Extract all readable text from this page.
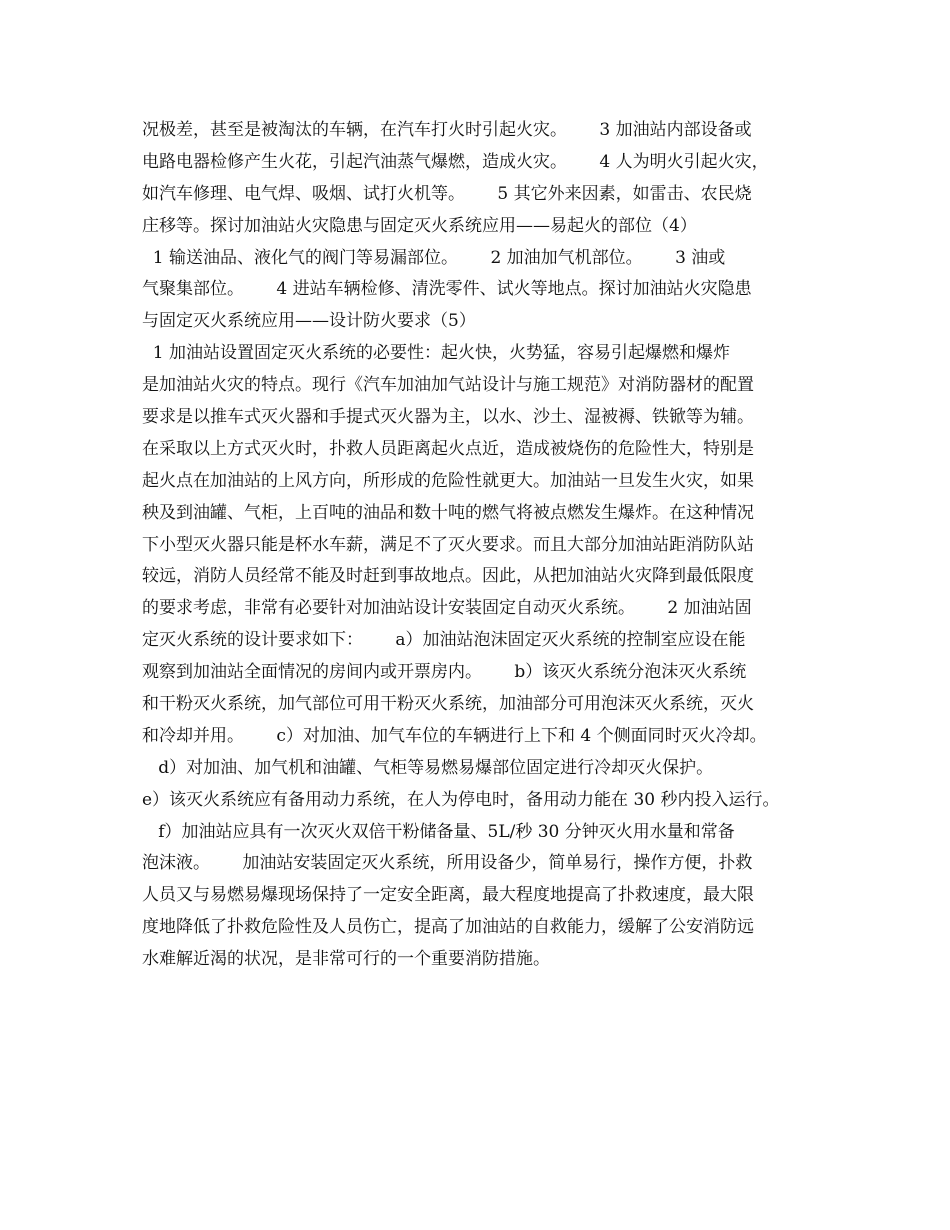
况极差，甚至是被淘汰的车辆，在汽车打火时引起火灾。      3 加油站内部设备或
电路电器检修产生火花，引起汽油蒸气爆燃，造成火灾。      4 人为明火引起火灾，
如汽车修理、电气焊、吸烟、试打火机等。      5 其它外来因素，如雷击、农民烧
庄移等。探讨加油站火灾隐患与固定灭火系统应用——易起火的部位（4）
1 输送油品、液化气的阀门等易漏部位。      2 加油加气机部位。      3 油或
气聚集部位。      4 进站车辆检修、清洗零件、试火等地点。探讨加油站火灾隐患
与固定灭火系统应用——设计防火要求（5）
1 加油站设置固定灭火系统的必要性：起火快，火势猛，容易引起爆燃和爆炸
是加油站火灾的特点。现行《汽车加油加气站设计与施工规范》对消防器材的配置
要求是以推车式灭火器和手提式灭火器为主，以水、沙土、湿被褥、铁锨等为辅。
在采取以上方式灭火时，扑救人员距离起火点近，造成被烧伤的危险性大，特别是
起火点在加油站的上风方向，所形成的危险性就更大。加油站一旦发生火灾，如果
秧及到油罐、气柜，上百吨的油品和数十吨的燃气将被点燃发生爆炸。在这种情况
下小型灭火器只能是杯水车薪，满足不了灭火要求。而且大部分加油站距消防队站
较远，消防人员经常不能及时赶到事故地点。因此，从把加油站火灾降到最低限度
的要求考虑，非常有必要针对加油站设计安装固定自动灭火系统。      2 加油站固
定灭火系统的设计要求如下：      a）加油站泡沫固定灭火系统的控制室应设在能
观察到加油站全面情况的房间内或开票房内。      b）该灭火系统分泡沫灭火系统
和干粉灭火系统，加气部位可用干粉灭火系统，加油部分可用泡沫灭火系统，灭火
和冷却并用。      c）对加油、加气车位的车辆进行上下和 4 个侧面同时灭火冷却。
d）对加油、加气机和油罐、气柜等易燃易爆部位固定进行冷却灭火保护。
e）该灭火系统应有备用动力系统，在人为停电时，备用动力能在 30 秒内投入运行。
f）加油站应具有一次灭火双倍干粉储备量、5L/秒 30 分钟灭火用水量和常备
泡沫液。      加油站安装固定灭火系统，所用设备少，简单易行，操作方便，扑救
人员又与易燃易爆现场保持了一定安全距离，最大程度地提高了扑救速度，最大限
度地降低了扑救危险性及人员伤亡，提高了加油站的自救能力，缓解了公安消防远
水难解近渴的状况，是非常可行的一个重要消防措施。
